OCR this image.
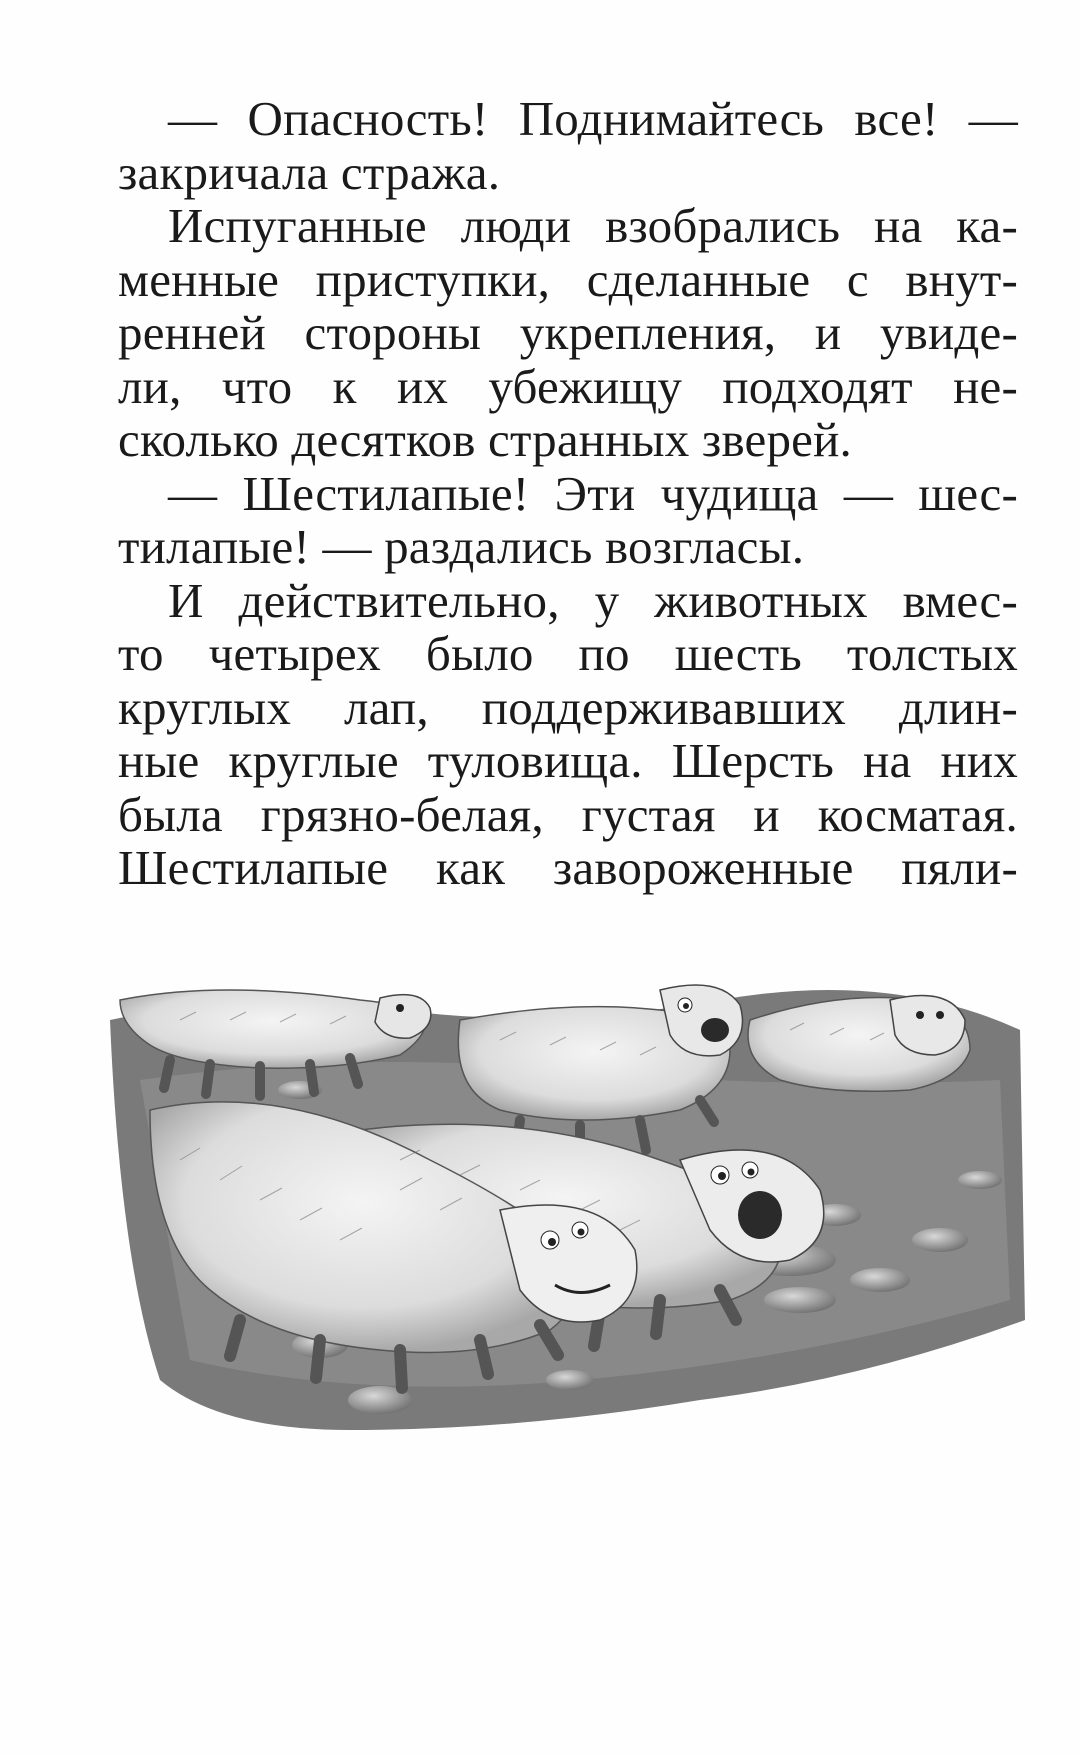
— Опасность! Поднимайтесь все! —
закричала стража.
Испуганные люди взобрались на ка-
менные приступки, сделанные с внут-
ренней стороны укрепления, и увиде-
ли, что к их убежищу подходят не-
сколько десятков странных зверей.
— Шестилапые! Эти чудища — шес-
тилапые! — раздались возгласы.
И действительно, у животных вмес-
то четырех было по шесть толстых
круглых лап, поддерживавших длин-
ные круглые туловища. Шерсть на них
была грязно-белая, густая и косматая.
Шестилапые как завороженные пяли-
